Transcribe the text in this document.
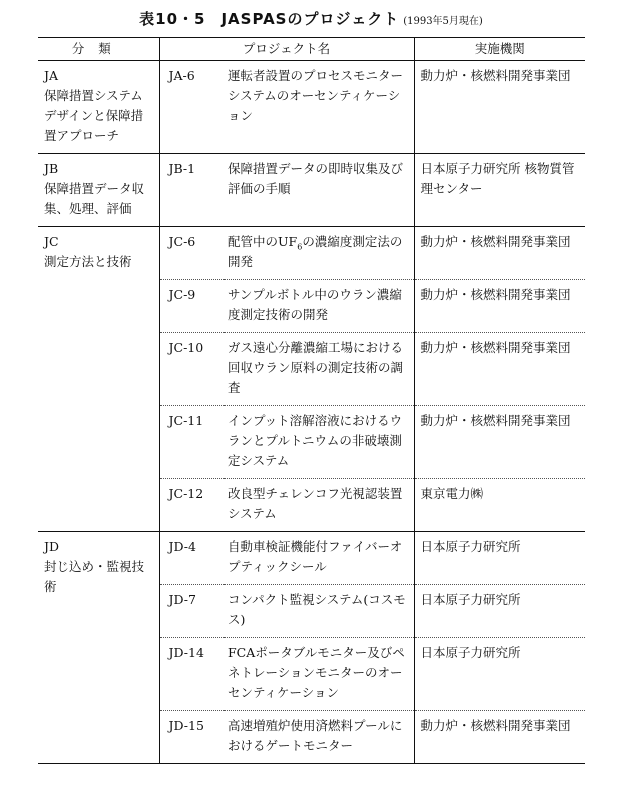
表10・5　JASPASのプロジェクト (1993年5月現在)
分類	プロジェクト名		実施機関

JA
保障措置システムデザインと保障措置アプローチ	JA-6	運転者設置のプロセスモニターシステムのオーセンティケーション	動力炉・核燃料開発事業団

JB
保障措置データ収集、処理、評価	JB-1	保障措置データの即時収集及び評価の手順	日本原子力研究所 核物質管理センター

JC
測定方法と技術	JC-6	配管中の$UF_6$の濃縮度測定法の開発	動力炉・核燃料開発事業団
	JC-9	サンプルボトル中のウラン濃縮度測定技術の開発	動力炉・核燃料開発事業団
	JC-10	ガス遠心分離濃縮工場における回収ウラン原料の測定技術の調査	動力炉・核燃料開発事業団
	JC-11	インプット溶解溶液におけるウランとプルトニウムの非破壊測定システム	動力炉・核燃料開発事業団
	JC-12	改良型チェレンコフ光視認装置システム	東京電力㈱

JD
封じ込め・監視技術	JD-4	自動車検証機能付ファイバーオプティックシール	日本原子力研究所
	JD-7	コンパクト監視システム(コスモス)	日本原子力研究所
	JD-14	FCAポータブルモニター及びペネトレーションモニターのオーセンティケーション	日本原子力研究所
	JD-15	高速増殖炉使用済燃料プールにおけるゲートモニター	動力炉・核燃料開発事業団
